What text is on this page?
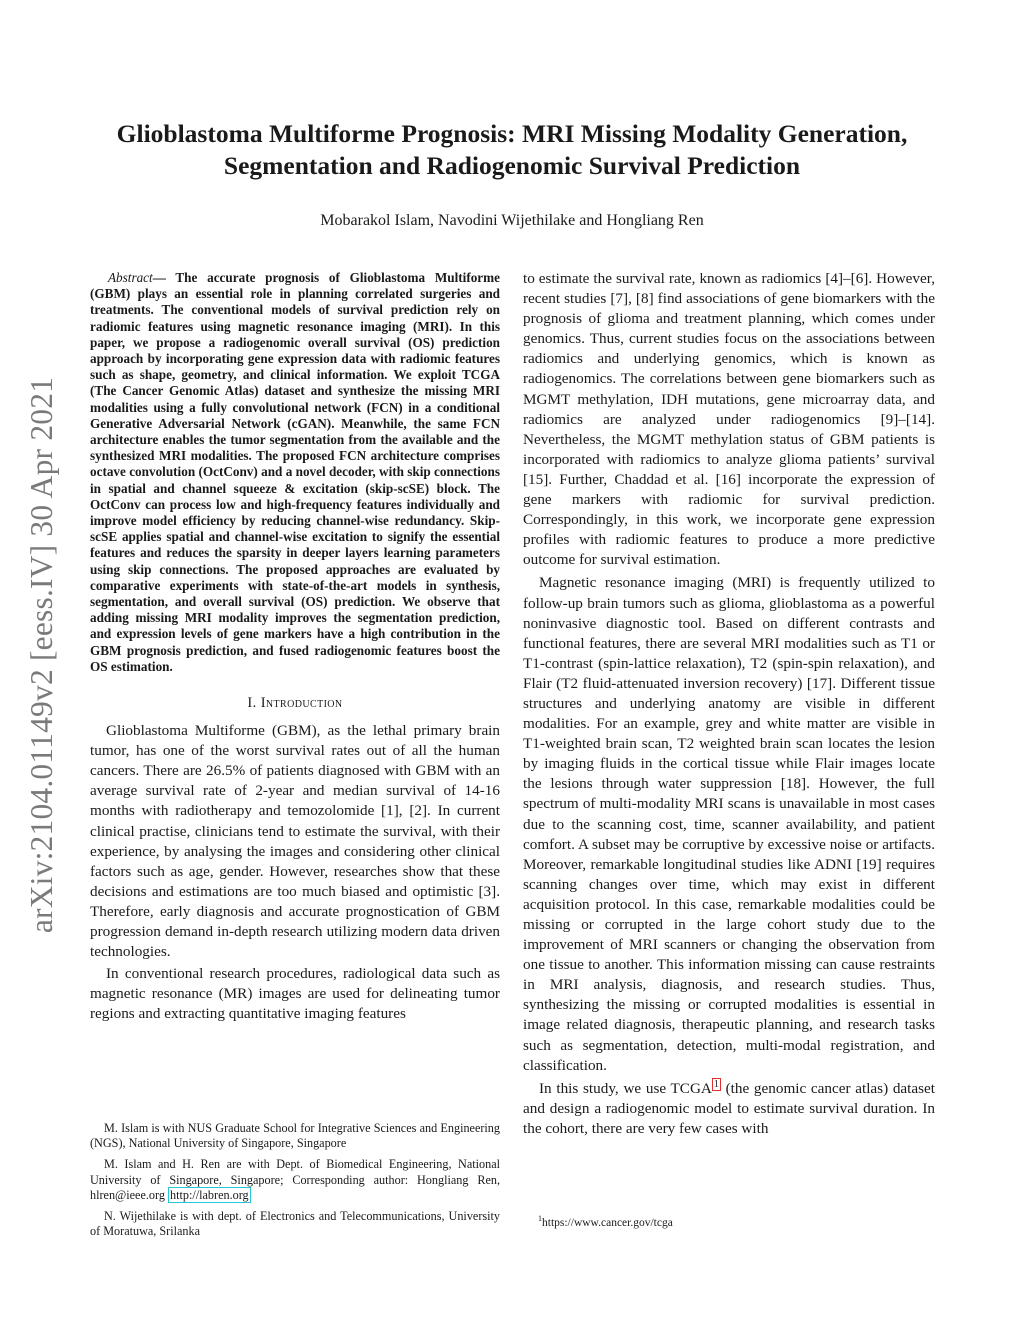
arXiv:2104.01149v2 [eess.IV] 30 Apr 2021
Glioblastoma Multiforme Prognosis: MRI Missing Modality Generation,
Segmentation and Radiogenomic Survival Prediction
Mobarakol Islam, Navodini Wijethilake and Hongliang Ren

Abstract— The accurate prognosis of Glioblastoma Multiforme (GBM) plays an essential role in planning correlated surgeries and treatments. The conventional models of survival prediction rely on radiomic features using magnetic resonance imaging (MRI). In this paper, we propose a radiogenomic overall survival (OS) prediction approach by incorporating gene expression data with radiomic features such as shape, geometry, and clinical information. We exploit TCGA (The Cancer Genomic Atlas) dataset and synthesize the missing MRI modalities using a fully convolutional network (FCN) in a conditional Generative Adversarial Network (cGAN). Meanwhile, the same FCN architecture enables the tumor segmentation from the available and the synthesized MRI modalities. The proposed FCN architecture comprises octave convolution (OctConv) and a novel decoder, with skip connections in spatial and channel squeeze & excitation (skip-scSE) block. The OctConv can process low and high-frequency features individually and improve model efficiency by reducing channel-wise redundancy. Skip-scSE applies spatial and channel-wise excitation to signify the essential features and reduces the sparsity in deeper layers learning parameters using skip connections. The proposed approaches are evaluated by comparative experiments with state-of-the-art models in synthesis, segmentation, and overall survival (OS) prediction. We observe that adding missing MRI modality improves the segmentation prediction, and expression levels of gene markers have a high contribution in the GBM prognosis prediction, and fused radiogenomic features boost the OS estimation.

I. Introduction

Glioblastoma Multiforme (GBM), as the lethal primary brain tumor, has one of the worst survival rates out of all the human cancers. There are 26.5% of patients diagnosed with GBM with an average survival rate of 2-year and median survival of 14-16 months with radiotherapy and temozolomide [1], [2]. In current clinical practise, clinicians tend to estimate the survival, with their experience, by analysing the images and considering other clinical factors such as age, gender. However, researches show that these decisions and estimations are too much biased and optimistic [3]. Therefore, early diagnosis and accurate prognostication of GBM progression demand in-depth research utilizing modern data driven technologies.

In conventional research procedures, radiological data such as magnetic resonance (MR) images are used for delineating tumor regions and extracting quantitative imaging features

M. Islam is with NUS Graduate School for Integrative Sciences and Engineering (NGS), National University of Singapore, Singapore

M. Islam and H. Ren are with Dept. of Biomedical Engineering, National University of Singapore, Singapore; Corresponding author: Hongliang Ren, hlren@ieee.org http://labren.org

N. Wijethilake is with dept. of Electronics and Telecommunications, University of Moratuwa, Srilanka

to estimate the survival rate, known as radiomics [4]–[6]. However, recent studies [7], [8] find associations of gene biomarkers with the prognosis of glioma and treatment planning, which comes under genomics. Thus, current studies focus on the associations between radiomics and underlying genomics, which is known as radiogenomics. The correlations between gene biomarkers such as MGMT methylation, IDH mutations, gene microarray data, and radiomics are analyzed under radiogenomics [9]–[14]. Nevertheless, the MGMT methylation status of GBM patients is incorporated with radiomics to analyze glioma patients’ survival [15]. Further, Chaddad et al. [16] incorporate the expression of gene markers with radiomic for survival prediction. Correspondingly, in this work, we incorporate gene expression profiles with radiomic features to produce a more predictive outcome for survival estimation.

Magnetic resonance imaging (MRI) is frequently utilized to follow-up brain tumors such as glioma, glioblastoma as a powerful noninvasive diagnostic tool. Based on different contrasts and functional features, there are several MRI modalities such as T1 or T1-contrast (spin-lattice relaxation), T2 (spin-spin relaxation), and Flair (T2 fluid-attenuated inversion recovery) [17]. Different tissue structures and underlying anatomy are visible in different modalities. For an example, grey and white matter are visible in T1-weighted brain scan, T2 weighted brain scan locates the lesion by imaging fluids in the cortical tissue while Flair images locate the lesions through water suppression [18]. However, the full spectrum of multi-modality MRI scans is unavailable in most cases due to the scanning cost, time, scanner availability, and patient comfort. A subset may be corruptive by excessive noise or artifacts. Moreover, remarkable longitudinal studies like ADNI [19] requires scanning changes over time, which may exist in different acquisition protocol. In this case, remarkable modalities could be missing or corrupted in the large cohort study due to the improvement of MRI scanners or changing the observation from one tissue to another. This information missing can cause restraints in MRI analysis, diagnosis, and research studies. Thus, synthesizing the missing or corrupted modalities is essential in image related diagnosis, therapeutic planning, and research tasks such as segmentation, detection, multi-modal registration, and classification.

In this study, we use TCGA $^1$ (the genomic cancer atlas) dataset and design a radiogenomic model to estimate survival duration. In the cohort, there are very few cases with

$^1$https://www.cancer.gov/tcga
